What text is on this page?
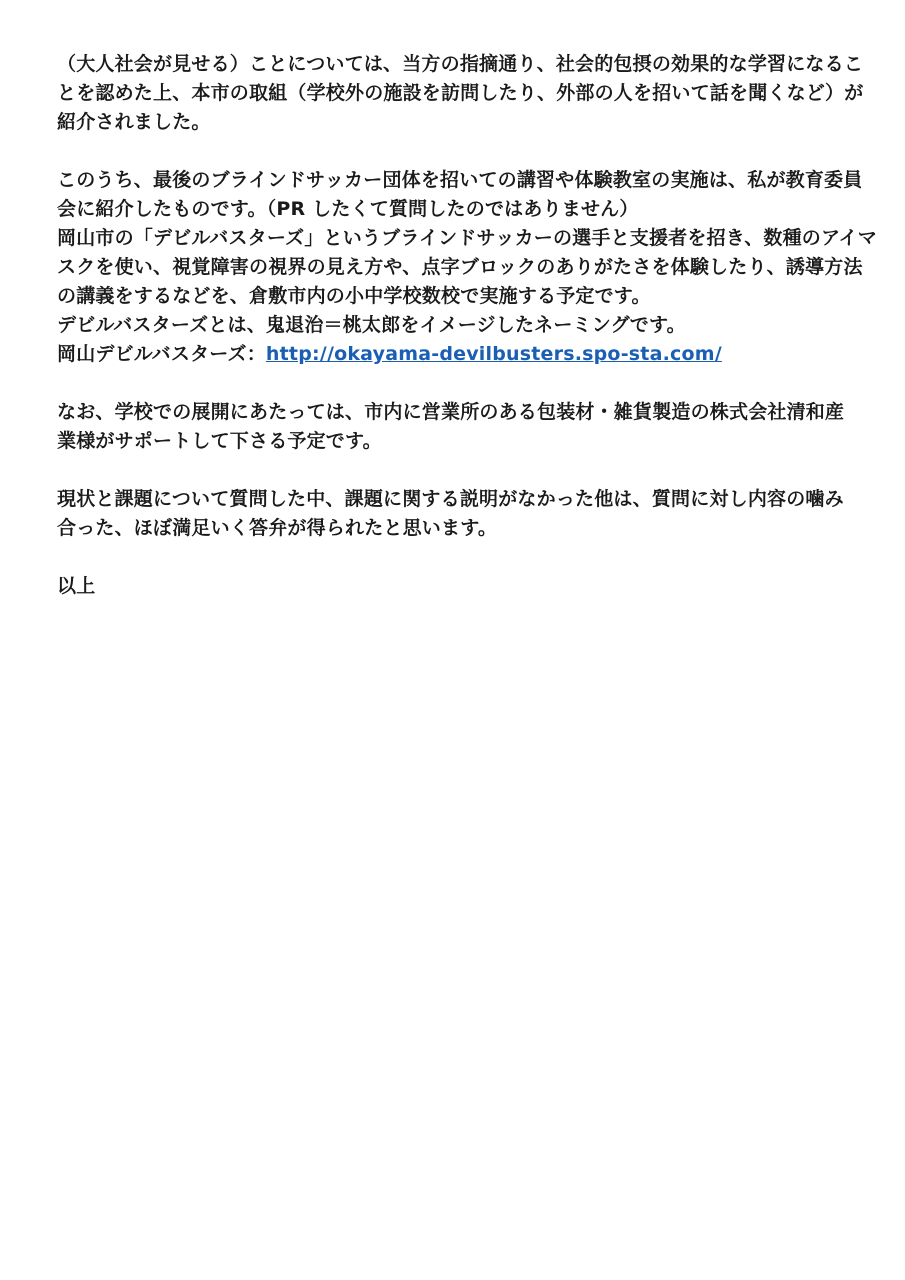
（大人社会が見せる）ことについては、当方の指摘通り、社会的包摂の効果的な学習になるこ
とを認めた上、本市の取組（学校外の施設を訪問したり、外部の人を招いて話を聞くなど）が
紹介されました。

このうち、最後のブラインドサッカー団体を招いての講習や体験教室の実施は、私が教育委員
会に紹介したものです。（PR したくて質問したのではありません）
岡山市の「デビルバスターズ」というブラインドサッカーの選手と支援者を招き、数種のアイマ
スクを使い、視覚障害の視界の見え方や、点字ブロックのありがたさを体験したり、誘導方法
の講義をするなどを、倉敷市内の小中学校数校で実施する予定です。
デビルバスターズとは、鬼退治＝桃太郎をイメージしたネーミングです。
岡山デビルバスターズ：http://okayama-devilbusters.spo-sta.com/

なお、学校での展開にあたっては、市内に営業所のある包装材・雑貨製造の株式会社清和産
業様がサポートして下さる予定です。

現状と課題について質問した中、課題に関する説明がなかった他は、質問に対し内容の噛み
合った、ほぼ満足いく答弁が得られたと思います。

以上
